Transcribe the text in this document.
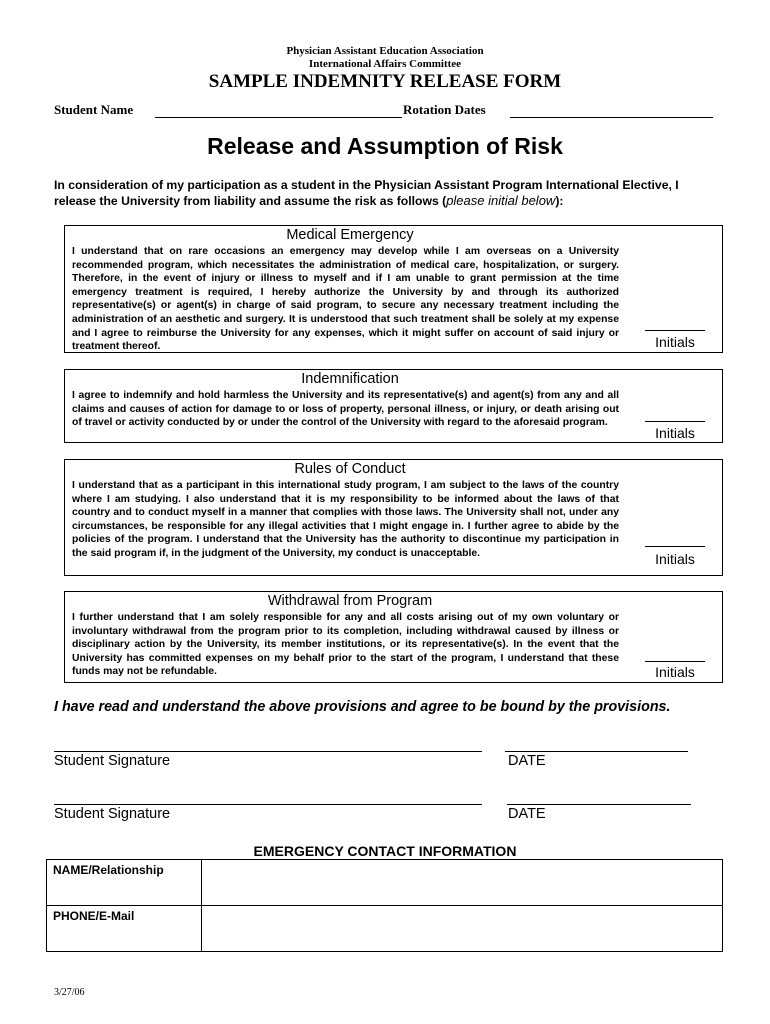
Physician Assistant Education Association
International Affairs Committee
SAMPLE INDEMNITY RELEASE FORM
Student Name	Rotation Dates
Release and Assumption of Risk
In consideration of my participation as a student in the Physician Assistant Program International Elective, I release the University from liability and assume the risk as follows (please initial below):
Medical Emergency
I understand that on rare occasions an emergency may develop while I am overseas on a University recommended program, which necessitates the administration of medical care, hospitalization, or surgery. Therefore, in the event of injury or illness to myself and if I am unable to grant permission at the time emergency treatment is required, I hereby authorize the University by and through its authorized representative(s) or agent(s) in charge of said program, to secure any necessary treatment including the administration of an aesthetic and surgery. It is understood that such treatment shall be solely at my expense and I agree to reimburse the University for any expenses, which it might suffer on account of said injury or treatment thereof.	Initials
Indemnification
I agree to indemnify and hold harmless the University and its representative(s) and agent(s) from any and all claims and causes of action for damage to or loss of property, personal illness, or injury, or death arising out of travel or activity conducted by or under the control of the University with regard to the aforesaid program.
Initials
Rules of Conduct
I understand that as a participant in this international study program, I am subject to the laws of the country where I am studying. I also understand that it is my responsibility to be informed about the laws of that country and to conduct myself in a manner that complies with those laws. The University shall not, under any circumstances, be responsible for any illegal activities that I might engage in. I further agree to abide by the policies of the program. I understand that the University has the authority to discontinue my participation in the said program if, in the judgment of the University, my conduct is unacceptable.	Initials
Withdrawal from Program
I further understand that I am solely responsible for any and all costs arising out of my own voluntary or involuntary withdrawal from the program prior to its completion, including withdrawal caused by illness or disciplinary action by the University, its member institutions, or its representative(s). In the event that the University has committed expenses on my behalf prior to the start of the program, I understand that these funds may not be refundable.	Initials
I have read and understand the above provisions and agree to be bound by the provisions.
Student Signature	DATE
Student Signature	DATE
EMERGENCY CONTACT INFORMATION
NAME/Relationship	
PHONE/E-Mail	
3/27/06
